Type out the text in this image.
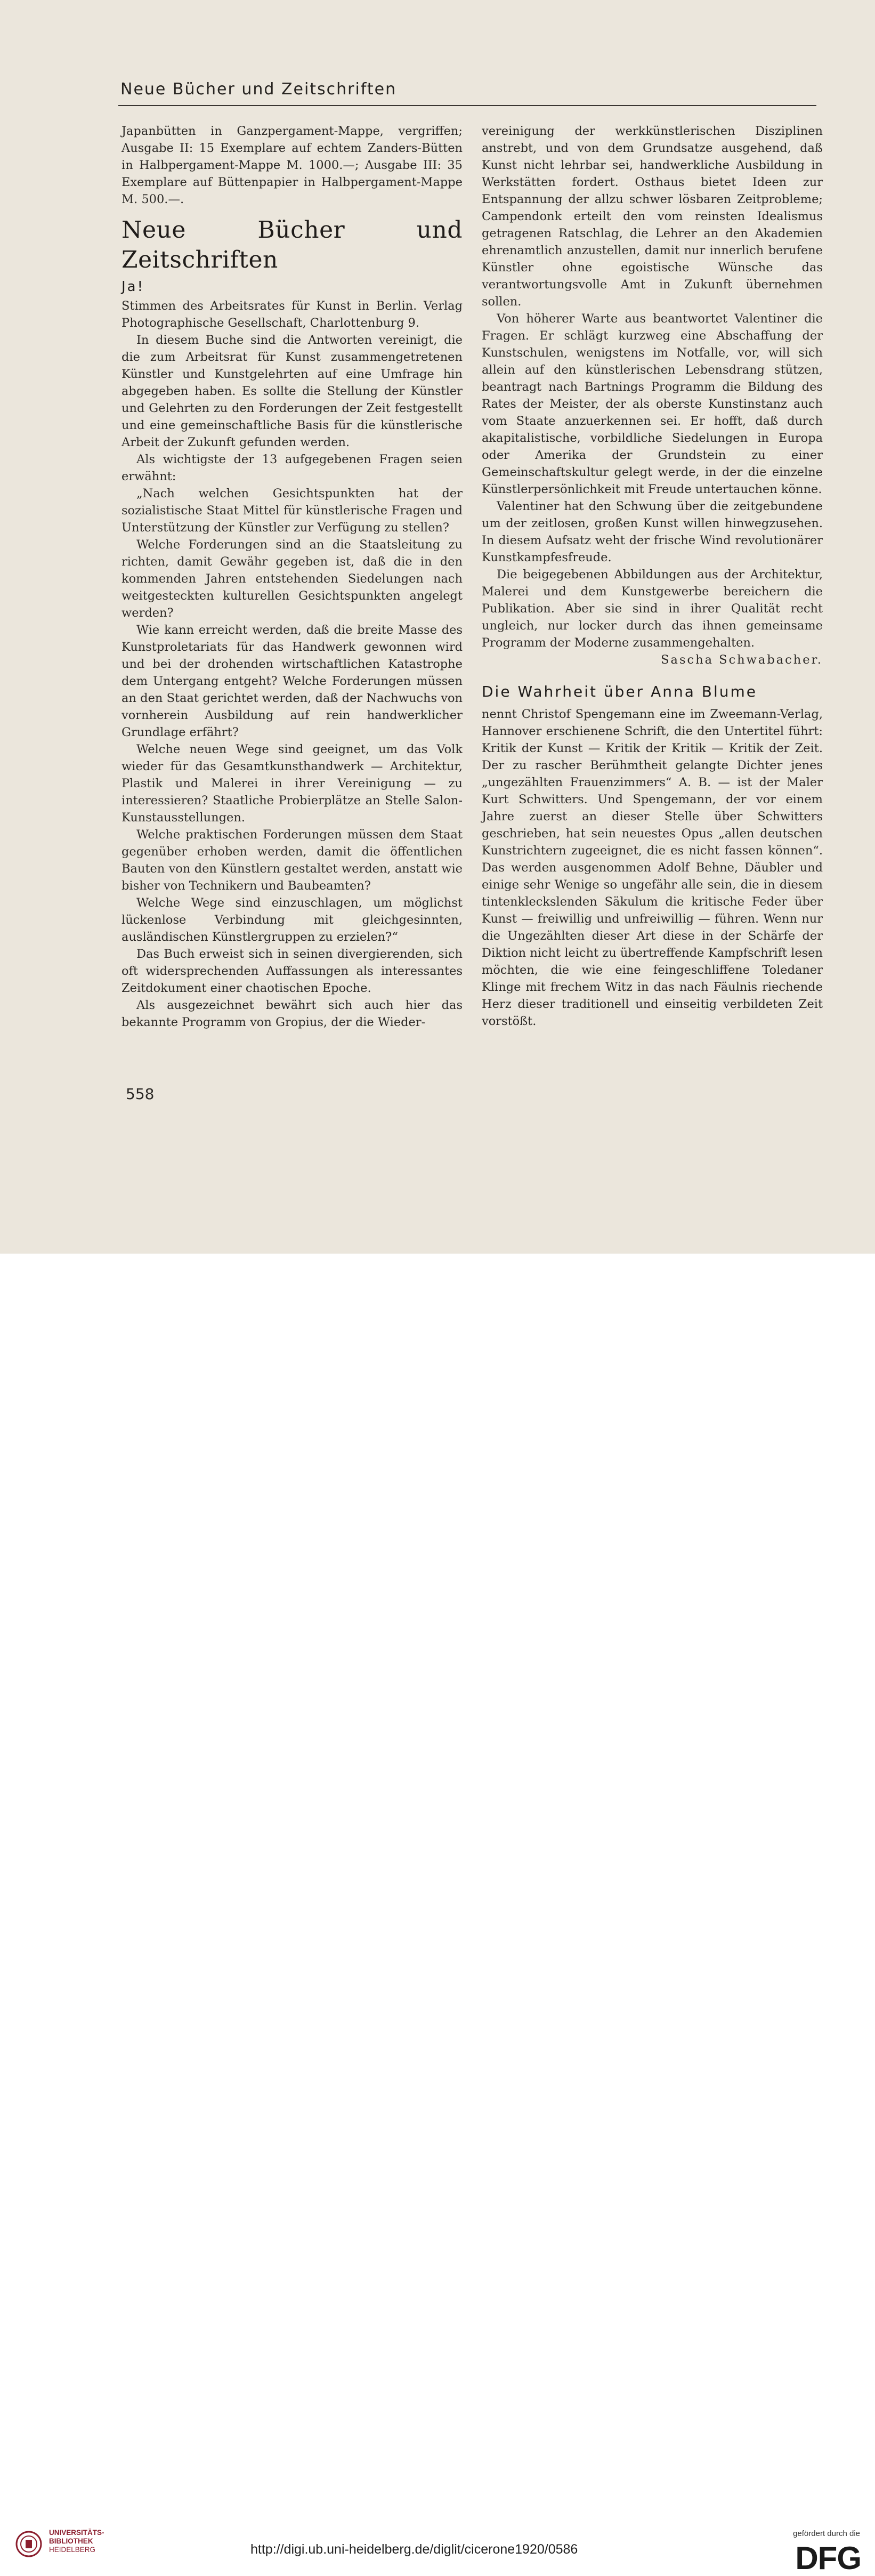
Neue Bücher und Zeitschriften

Japanbütten in Ganzpergament-Mappe, vergriffen; Ausgabe II: 15 Exemplare auf echtem Zanders-Bütten in Halbpergament-Mappe M. 1000.—; Ausgabe III: 35 Exemplare auf Büttenpapier in Halbpergament-Mappe M. 500.—.

Neue Bücher und Zeitschriften
Ja!

Stimmen des Arbeitsrates für Kunst in Berlin. Verlag Photographische Gesellschaft, Charlottenburg 9.

In diesem Buche sind die Antworten vereinigt, die die zum Arbeitsrat für Kunst zusammengetretenen Künstler und Kunstgelehrten auf eine Umfrage hin abgegeben haben. Es sollte die Stellung der Künstler und Gelehrten zu den Forderungen der Zeit festgestellt und eine gemeinschaftliche Basis für die künstlerische Arbeit der Zukunft gefunden werden.

Als wichtigste der 13 aufgegebenen Fragen seien erwähnt:

„Nach welchen Gesichtspunkten hat der sozialistische Staat Mittel für künstlerische Fragen und Unterstützung der Künstler zur Verfügung zu stellen?

Welche Forderungen sind an die Staatsleitung zu richten, damit Gewähr gegeben ist, daß die in den kommenden Jahren entstehenden Siedelungen nach weitgesteckten kulturellen Gesichtspunkten angelegt werden?

Wie kann erreicht werden, daß die breite Masse des Kunstproletariats für das Handwerk gewonnen wird und bei der drohenden wirtschaftlichen Katastrophe dem Untergang entgeht? Welche Forderungen müssen an den Staat gerichtet werden, daß der Nachwuchs von vornherein Ausbildung auf rein handwerklicher Grundlage erfährt?

Welche neuen Wege sind geeignet, um das Volk wieder für das Gesamtkunsthandwerk — Architektur, Plastik und Malerei in ihrer Vereinigung — zu interessieren? Staatliche Probierplätze an Stelle Salon-Kunstausstellungen.

Welche praktischen Forderungen müssen dem Staat gegenüber erhoben werden, damit die öffentlichen Bauten von den Künstlern gestaltet werden, anstatt wie bisher von Technikern und Baubeamten?

Welche Wege sind einzuschlagen, um möglichst lückenlose Verbindung mit gleichgesinnten, ausländischen Künstlergruppen zu erzielen?“

Das Buch erweist sich in seinen divergierenden, sich oft widersprechenden Auffassungen als interessantes Zeitdokument einer chaotischen Epoche.

Als ausgezeichnet bewährt sich auch hier das bekannte Programm von Gropius, der die Wieder-

vereinigung der werkkünstlerischen Disziplinen anstrebt, und von dem Grundsatze ausgehend, daß Kunst nicht lehrbar sei, handwerkliche Ausbildung in Werkstätten fordert. Osthaus bietet Ideen zur Entspannung der allzu schwer lösbaren Zeitprobleme; Campendonk erteilt den vom reinsten Idealismus getragenen Ratschlag, die Lehrer an den Akademien ehrenamtlich anzustellen, damit nur innerlich berufene Künstler ohne egoistische Wünsche das verantwortungsvolle Amt in Zukunft übernehmen sollen.

Von höherer Warte aus beantwortet Valentiner die Fragen. Er schlägt kurzweg eine Abschaffung der Kunstschulen, wenigstens im Notfalle, vor, will sich allein auf den künstlerischen Lebensdrang stützen, beantragt nach Bartnings Programm die Bildung des Rates der Meister, der als oberste Kunstinstanz auch vom Staate anzuerkennen sei. Er hofft, daß durch akapitalistische, vorbildliche Siedelungen in Europa oder Amerika der Grundstein zu einer Gemeinschaftskultur gelegt werde, in der die einzelne Künstlerpersönlichkeit mit Freude untertauchen könne.

Valentiner hat den Schwung über die zeitgebundene um der zeitlosen, großen Kunst willen hinwegzusehen. In diesem Aufsatz weht der frische Wind revolutionärer Kunstkampfesfreude.

Die beigegebenen Abbildungen aus der Architektur, Malerei und dem Kunstgewerbe bereichern die Publikation. Aber sie sind in ihrer Qualität recht ungleich, nur locker durch das ihnen gemeinsame Programm der Moderne zusammengehalten.

Sascha Schwabacher.

Die Wahrheit über Anna Blume

nennt Christof Spengemann eine im Zweemann-Verlag, Hannover erschienene Schrift, die den Untertitel führt: Kritik der Kunst — Kritik der Kritik — Kritik der Zeit. Der zu rascher Berühmtheit gelangte Dichter jenes „ungezählten Frauenzimmers“ A. B. — ist der Maler Kurt Schwitters. Und Spengemann, der vor einem Jahre zuerst an dieser Stelle über Schwitters geschrieben, hat sein neuestes Opus „allen deutschen Kunstrichtern zugeeignet, die es nicht fassen können“. Das werden ausgenommen Adolf Behne, Däubler und einige sehr Wenige so ungefähr alle sein, die in diesem tintenkleckslenden Säkulum die kritische Feder über Kunst — freiwillig und unfreiwillig — führen. Wenn nur die Ungezählten dieser Art diese in der Schärfe der Diktion nicht leicht zu übertreffende Kampfschrift lesen möchten, die wie eine feingeschliffene Toledaner Klinge mit frechem Witz in das nach Fäulnis riechende Herz dieser traditionell und einseitig verbildeten Zeit vorstößt.

558
UNIVERSITÄTS-
BIBLIOTHEK
HEIDELBERG	http://digi.ub.uni-heidelberg.de/diglit/cicerone1920/0586
gefördert durch die
DFG
